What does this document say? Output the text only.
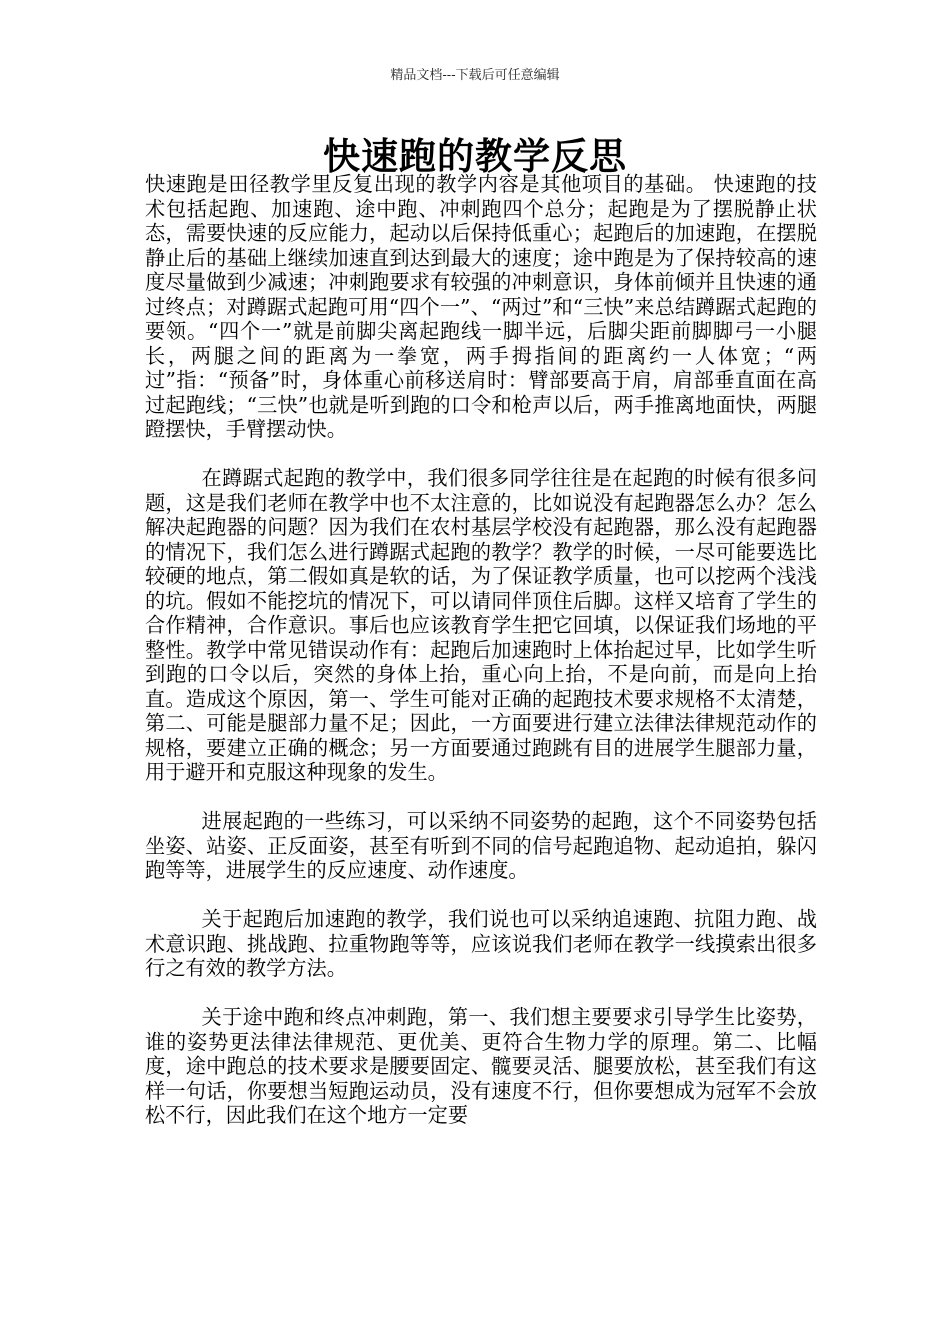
精品文档---下载后可任意编辑
快速跑的教学反思

快速跑是田径教学里反复出现的教学内容是其他项目的基础。 快速跑的技术包括起跑、加速跑、途中跑、冲刺跑四个总分；起跑是为了摆脱静止状态，需要快速的反应能力，起动以后保持低重心；起跑后的加速跑，在摆脱静止后的基础上继续加速直到达到最大的速度；途中跑是为了保持较高的速度尽量做到少减速；冲刺跑要求有较强的冲刺意识，身体前倾并且快速的通过终点；对蹲踞式起跑可用“四个一”、“两过”和“三快”来总结蹲踞式起跑的要领。“四个一”就是前脚尖离起跑线一脚半远，后脚尖距前脚脚弓一小腿长，两腿之间的距离为一拳宽，两手拇指间的距离约一人体宽；“两过”指：“预备”时，身体重心前移送肩时：臂部要高于肩，肩部垂直面在高过起跑线；“三快”也就是听到跑的口令和枪声以后，两手推离地面快，两腿蹬摆快，手臂摆动快。

在蹲踞式起跑的教学中，我们很多同学往往是在起跑的时候有很多问题，这是我们老师在教学中也不太注意的，比如说没有起跑器怎么办？怎么解决起跑器的问题？因为我们在农村基层学校没有起跑器，那么没有起跑器的情况下，我们怎么进行蹲踞式起跑的教学？教学的时候，一尽可能要选比较硬的地点，第二假如真是软的话，为了保证教学质量，也可以挖两个浅浅的坑。假如不能挖坑的情况下，可以请同伴顶住后脚。这样又培育了学生的合作精神，合作意识。事后也应该教育学生把它回填，以保证我们场地的平整性。教学中常见错误动作有：起跑后加速跑时上体抬起过早，比如学生听到跑的口令以后，突然的身体上抬，重心向上抬，不是向前，而是向上抬直。造成这个原因，第一、学生可能对正确的起跑技术要求规格不太清楚，第二、可能是腿部力量不足；因此，一方面要进行建立法律法律规范动作的规格，要建立正确的概念；另一方面要通过跑跳有目的进展学生腿部力量，用于避开和克服这种现象的发生。

进展起跑的一些练习，可以采纳不同姿势的起跑，这个不同姿势包括坐姿、站姿、正反面姿，甚至有听到不同的信号起跑追物、起动追拍，躲闪跑等等，进展学生的反应速度、动作速度。

关于起跑后加速跑的教学，我们说也可以采纳追速跑、抗阻力跑、战术意识跑、挑战跑、拉重物跑等等，应该说我们老师在教学一线摸索出很多行之有效的教学方法。

关于途中跑和终点冲刺跑，第一、我们想主要要求引导学生比姿势，谁的姿势更法律法律规范、更优美、更符合生物力学的原理。第二、比幅度，途中跑总的技术要求是腰要固定、髋要灵活、腿要放松，甚至我们有这样一句话，你要想当短跑运动员，没有速度不行，但你要想成为冠军不会放松不行，因此我们在这个地方一定要
